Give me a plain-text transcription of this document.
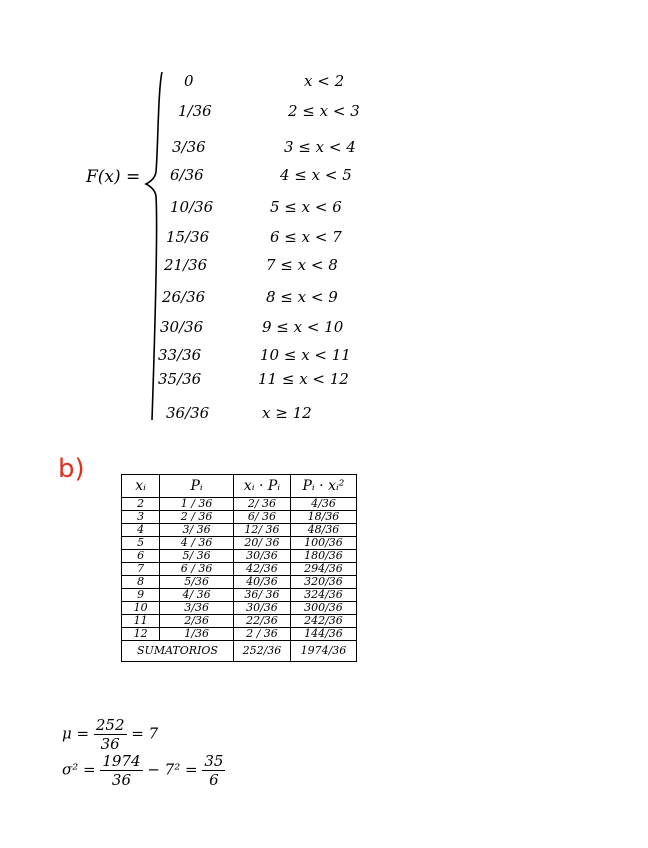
F(x) =
0	x < 2
1/36	2 ≤ x < 3
3/36	3 ≤ x < 4
6/36	4 ≤ x < 5
10/36	5 ≤ x < 6
15/36	6 ≤ x < 7
21/36	7 ≤ x < 8
26/36	8 ≤ x < 9
30/36	9 ≤ x < 10
33/36	10 ≤ x < 11
35/36	11 ≤ x < 12
36/36	x ≥ 12
b)
xᵢ	Pᵢ	xᵢ · Pᵢ	Pᵢ · xᵢ²
2	1 / 36	2/ 36	4/36
3	2 / 36	6/ 36	18/36
4	3/ 36	12/ 36	48/36
5	4 / 36	20/ 36	100/36
6	5/ 36	30/36	180/36
7	6 / 36	42/36	294/36
8	5/36	40/36	320/36
9	4/ 36	36/ 36	324/36
10	3/36	30/36	300/36
11	2/36	22/36	242/36
12	1/36	2 / 36	144/36
SUMATORIOS		252/36	1974/36
$\mu = \frac{252}{36} = 7$
$\sigma^2 = \frac{1974}{36} - 7^2 = \frac{35}{6}$
